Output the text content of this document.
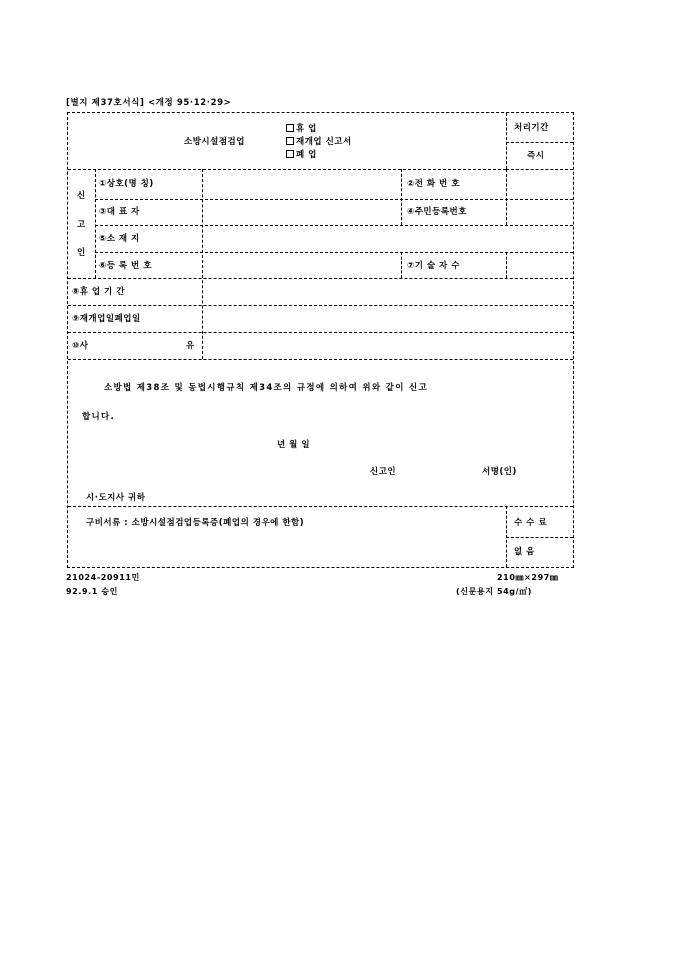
[별지 제37호서식] <개정 95·12·29>
소방시설점검업
휴 업
재개업 신고서
폐 업
처리기간
즉시
신
고
인
①상호(명 칭)	②전 화 번 호
③대 표 자	④주민등록번호
⑤소 재 지
⑥등 록 번 호	⑦기 술 자 수
⑧휴 업 기 간
⑨재개업일폐업일
⑩사	유
소방법 제38조 및 동법시행규칙 제34조의 규정에 의하여 위와 같이 신고
합니다.
년 월 일
신고인	서명(인)
시·도지사 귀하
구비서류 : 소방시설점검업등록증(폐업의 경우에 한함)	수 수 료
없 음
21024-20911민
92.9.1 승인
210㎜×297㎜
(신문용지 54g/㎡)
